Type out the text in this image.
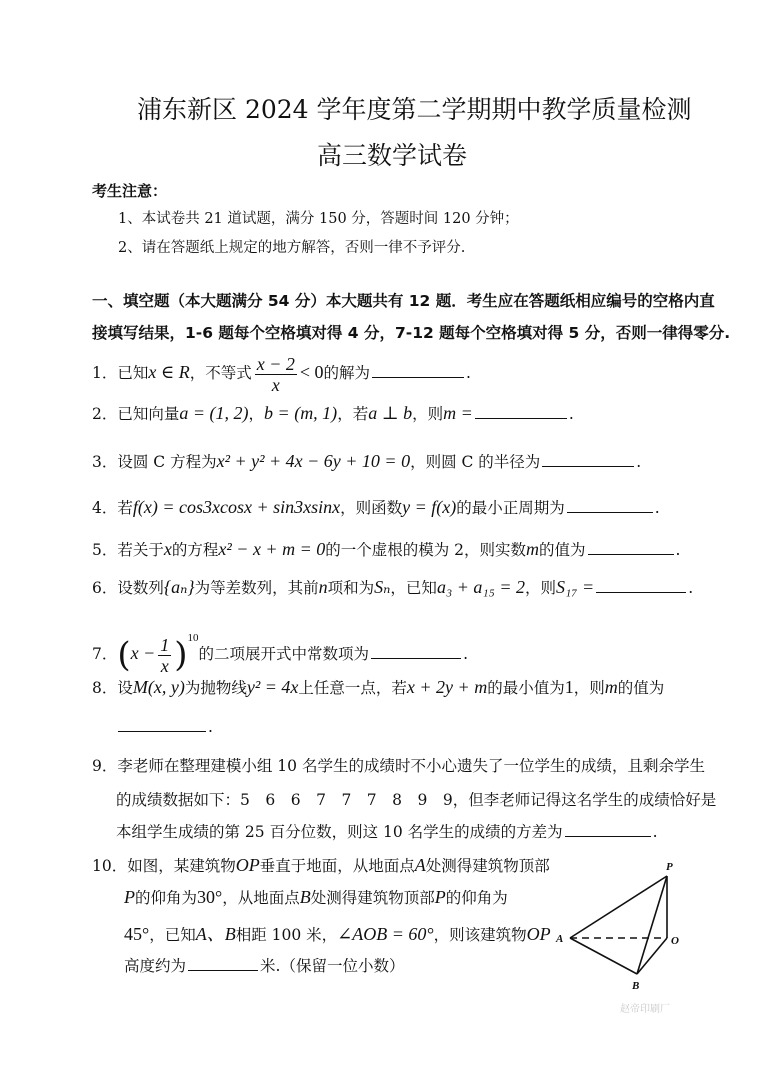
浦东新区 2024 学年度第二学期期中教学质量检测
高三数学试卷
考生注意：
1、本试卷共 21 道试题，满分 150 分，答题时间 120 分钟；
2、请在答题纸上规定的地方解答，否则一律不予评分.
一、填空题（本大题满分 54 分）本大题共有 12 题．考生应在答题纸相应编号的空格内直
接填写结果，1-6 题每个空格填对得 4 分，7-12 题每个空格填对得 5 分，否则一律得零分.
1．已知x ∈ R，不等式 $\frac{x - 2}{x} < 0$的解为	.
2．已知向量a = (1, 2)，b = (m, 1)，若a ⊥ b，则m =	.
3．设圆 C 方程为x² + y² + 4x − 6y + 10 = 0，则圆 C 的半径为	.
4．若f(x) = cos3xcosx + sin3xsinx，则函数y = f(x)的最小正周期为	.
5．若关于x的方程x² − x + m = 0的一个虚根的模为 2，则实数m的值为	.
6．设数列{aₙ}为等差数列，其前n项和为Sₙ，已知a₃ + a₁₅ = 2，则S₁₇ =	.
7．$(x - \frac{1}{x} )^{10}$的二项展开式中常数项为	.
8．设M(x, y)为抛物线y² = 4x上任意一点，若x + 2y + m的最小值为1，则m的值为
.
9．李老师在整理建模小组 10 名学生的成绩时不小心遗失了一位学生的成绩，且剩余学生
的成绩数据如下：5　6　6　7　7　7　8　9　9，但李老师记得这名学生的成绩恰好是
本组学生成绩的第 25 百分位数，则这 10 名学生的成绩的方差为	.
10．如图，某建筑物OP垂直于地面，从地面点A处测得建筑物顶部
P的仰角为30°，从地面点B处测得建筑物顶部P的仰角为
45°，已知A、B相距 100 米，∠AOB = 60°，则该建筑物OP
高度约为	米.（保留一位小数）
P
A	O
B
赵帝印刷厂
